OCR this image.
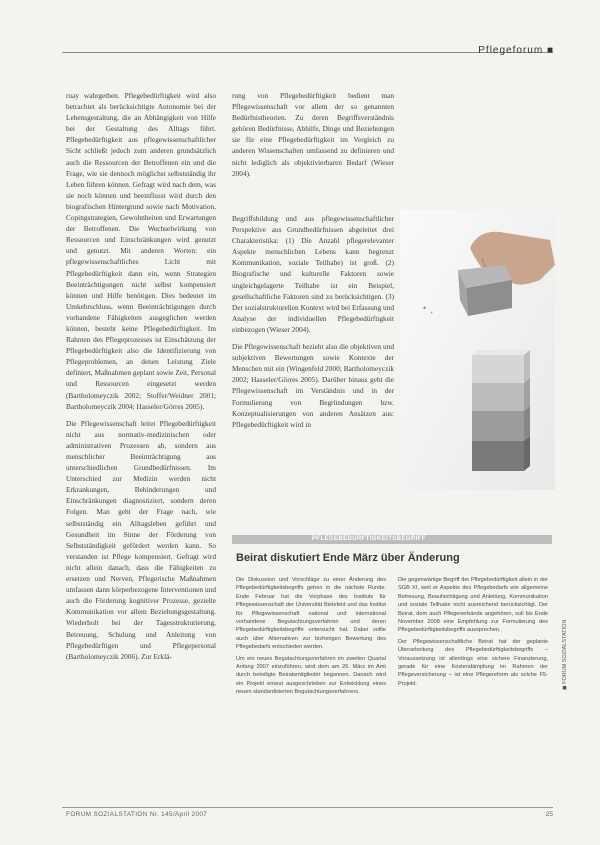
Pflegeforum ■

ruay wahrgethen. Pflegebedürftigkeit wird also betrachtet als berücksichtigte Autonomie bei der Lebensgestaltung, die an Abhängigkeit von Hilfe bei der Gestaltung des Alltags führt. Pflegebedürftigkeit aus pflegewissenschaftlicher Sicht schließt jedoch zum anderen grundsätzlich auch die Ressourcen der Betroffenen ein und die Frage, wie sie dennoch möglichst selbstständig ihr Leben führen können. Gefragt wird nach dem, was sie noch können und beeinflusst wird durch den biografischen Hintergrund sowie nach Motivation, Copingstrategien, Gewohnheiten und Erwartungen der Betroffenen. Die Wechselwirkung von Ressourcen und Einschränkungen wird genutzt und genutzt. Mit anderen Worten: ein pflegewissenschaftliches Licht mit Pflegebedürftigkeit dann ein, wenn Strategien Beeinträchtigungen nicht selbst kompensiert können und Hilfe benötigen. Dies bedeutet im Umkehrschluss, wenn Beeinträchtigungen durch vorhandene Fähigkeiten ausgeglichen werden können, besteht keine Pflegebedürftigkeit. Im Rahmen des Pflegeprozesses ist Einschätzung der Pflegebedürftigkeit also die Identifizierung von Pflegeproblemen, an denen Leistung Ziele definiert, Maßnahmen geplant sowie Zeit, Personal und Ressourcen eingesetzt werden (Bartholomeyczik 2002; Stoffer/Weidner 2001; Bartholomeyczik 2004; Hasseler/Görres 2005).

Die Pflegewissenschaft leitet Pflegebedürftigkeit nicht aus normativ-medizinischen oder administrativen Prozessen ab, sondern aus menschlicher Beeinträchtigung aus unterschiedlichen Grundbedürfnissen. Im Unterschied zur Medizin werden nicht Erkrankungen, Behinderungen und Einschränkungen diagnostiziert, sondern deren Folgen. Man geht der Frage nach, wie selbstständig ein Alltagsleben geführt und Gesundheit im Sinne der Förderung von Selbstständigkeit gefördert werden kann. So verstanden ist Pflege kompensiert. Gefragt wird nicht allein danach, dass die Fähigkeiten zu ersetzen und Nerven, Pflegerische Maßnahmen umfassen dann körperbezogene Interventionen und auch die Förderung kognitiver Prozesse, gezielte Kommunikation vor allem Beziehungsgestaltung. Wiederholt bei der Tagesstrukturierung, Betreuung, Schulung und Anleitung von Pflegebedürftigen und Pflegepersonal (Bartholomeyczik 2006). Zur Erklä-

rung von Pflegebedürftigkeit bedient man Pflegewissenschaft vor allem der so genannten Bedürfnistheorien. Zu deren Begriffsverständnis gehören Bedürfnisse, Abhilfe, Dinge und Beziehungen sie für eine Pflegebedürftigkeit im Vergleich zu anderen Wissenschaften umfassend zu definieren und nicht lediglich als objektivierbaren Bedarf (Wieser 2004).

Begriffsbildung und aus pflegewissenschaftlicher Perspektive aus Grundbedürfnissen abgeleitet drei Charakteristika: (1) Die Anzahl pflegerelevanter Aspekte menschlichen Lebens kann begrenzt Kommunikation, soziale Teilhabe) ist groß. (2) Biografische und kulturelle Faktoren sowie ungleichgelagerte Teilhabe ist ein Beispiel, gesellschaftliche Faktoren sind zu berücksichtigen. (3) Der sozialstrukturellen Kontext wird bei Erfassung und Analyse der individuellen Pflegebedürftigkeit einbezogen (Wieser 2004).

Die Pflegewissenschaft bezieht also die objektiven und subjektiven Bewertungen sowie Kontexte der Menschen mit ein (Wingenfeld 2000; Bartholomeyczik 2002; Hasseler/Görres 2005). Darüber hinaus geht die Pflegewissenschaft im Verständnis und in der Formulierung von Begründungen bzw. Konzeptualisierungen von anderen Ansätzen aus: Pflegebedürftigkeit wird in

✦
✦
PFLEGEBEDÜRFTIGKEITSBEGRIFF
Beirat diskutiert Ende März über Änderung

Die Diskussion und Vorschläge zu einer Änderung des Pflegebedürftigkeitsbegriffs gehen in die nächste Runde. Ende Februar hat die Vorphase des Instituts für Pflegewissenschaft der Universität Bielefeld und das Institut für Pflegewissenschaft national und international vorhandene Begutachtungsverfahren und deren Pflegebedürftigkeitsbegriffe untersucht hat. Dabei sollte auch über Alternativen zur bisherigen Bewertung des Pflegebedarfs entschieden werden.

Um ein neues Begutachtungsverfahren im zweiten Quartal Anfang 2007 einzuführen, wird dem am 26. März im Amt durch beteiligte Beiratsmitglieder begonnen. Danach wird ein Projekt erneut ausgeschrieben zur Entwicklung eines neuen standardisierten Begutachtungsverfahrens.

Die gegenwärtige Begriff der Pflegebedürftigkeit allein in der SGB XI, weil er Aspekte des Pflegebedarfs wie allgemeine Betreuung, Beaufsichtigung und Anleitung, Kommunikation und soziale Teilhabe nicht ausreichend berücksichtigt. Der Beirat, dem auch Pflegeverbände angehören, soll bis Ende November 2008 eine Empfehlung zur Formulierung des Pflegebedürftigkeitsbegriffs aussprechen.

Der Pflegewissenschaftliche Beirat hat der geplante Überarbeitung des Pflegebedürftigkeitsbegriffs – Voraussetzung ist allerdings eine sichere Finanzierung, gerade für eine Kostendämpfung im Rahmen der Pflegeversicherung – ist eine Pflegereform als solche F5-Projekt.	◼ FORUM SOZIALSTATION
FORUM SOZIALSTATION Nr. 145/April 2007	25
